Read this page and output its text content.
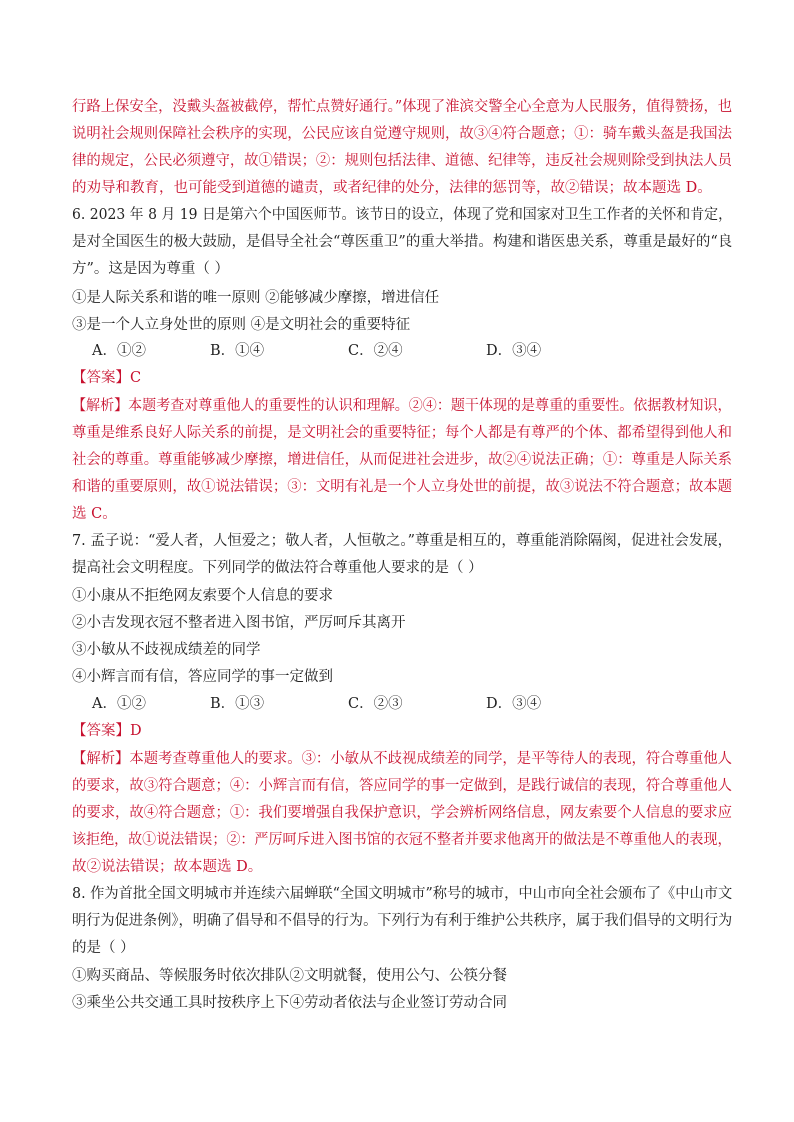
行路上保安全，没戴头盔被截停，帮忙点赞好通行。”体现了淮滨交警全心全意为人民服务，值得赞扬，也
说明社会规则保障社会秩序的实现，公民应该自觉遵守规则，故③④符合题意；①：骑车戴头盔是我国法
律的规定，公民必须遵守，故①错误；②：规则包括法律、道德、纪律等，违反社会规则除受到执法人员
的劝导和教育，也可能受到道德的谴责，或者纪律的处分，法律的惩罚等，故②错误；故本题选 D。
6. 2023 年 8 月 19 日是第六个中国医师节。该节日的设立，体现了党和国家对卫生工作者的关怀和肯定，
是对全国医生的极大鼓励，是倡导全社会“尊医重卫”的重大举措。构建和谐医患关系，尊重是最好的“良
方”。这是因为尊重（ ）
①是人际关系和谐的唯一原则 ②能够减少摩擦，增进信任
③是一个人立身处世的原则 ④是文明社会的重要特征
A．①②	B．①④	C．②④	D．③④
【答案】C
【解析】本题考查对尊重他人的重要性的认识和理解。②④：题干体现的是尊重的重要性。依据教材知识，
尊重是维系良好人际关系的前提，是文明社会的重要特征；每个人都是有尊严的个体、都希望得到他人和
社会的尊重。尊重能够减少摩擦，增进信任，从而促进社会进步，故②④说法正确；①：尊重是人际关系
和谐的重要原则，故①说法错误；③：文明有礼是一个人立身处世的前提，故③说法不符合题意；故本题
选 C。
7. 孟子说：“爱人者，人恒爱之；敬人者，人恒敬之。”尊重是相互的，尊重能消除隔阂，促进社会发展，
提高社会文明程度。下列同学的做法符合尊重他人要求的是（ ）
①小康从不拒绝网友索要个人信息的要求
②小吉发现衣冠不整者进入图书馆，严厉呵斥其离开
③小敏从不歧视成绩差的同学
④小辉言而有信，答应同学的事一定做到
A．①②	B．①③	C．②③	D．③④
【答案】D
【解析】本题考查尊重他人的要求。③：小敏从不歧视成绩差的同学，是平等待人的表现，符合尊重他人
的要求，故③符合题意；④：小辉言而有信，答应同学的事一定做到，是践行诚信的表现，符合尊重他人
的要求，故④符合题意；①：我们要增强自我保护意识，学会辨析网络信息，网友索要个人信息的要求应
该拒绝，故①说法错误；②：严厉呵斥进入图书馆的衣冠不整者并要求他离开的做法是不尊重他人的表现，
故②说法错误；故本题选 D。
8. 作为首批全国文明城市并连续六届蝉联“全国文明城市”称号的城市，中山市向全社会颁布了《中山市文
明行为促进条例》，明确了倡导和不倡导的行为。下列行为有利于维护公共秩序，属于我们倡导的文明行为
的是（ ）
①购买商品、等候服务时依次排队②文明就餐，使用公勺、公筷分餐
③乘坐公共交通工具时按秩序上下④劳动者依法与企业签订劳动合同
